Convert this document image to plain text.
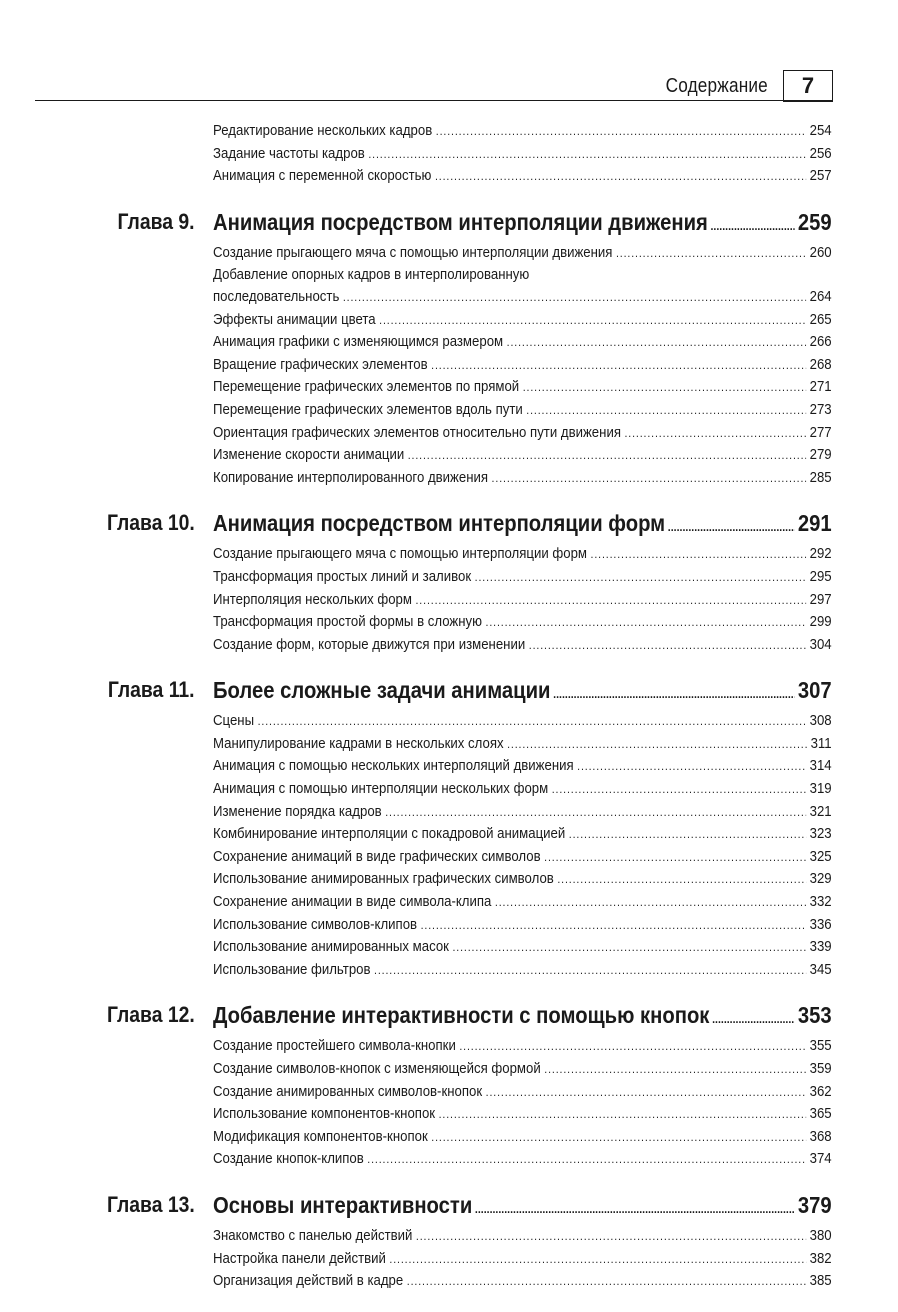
Содержание 7
Редактирование нескольких кадров .....	254
Задание частоты кадров .....	256
Анимация с переменной скоростью .....	257
Глава 9. Анимация посредством интерполяции движения .....	259
Создание прыгающего мяча с помощью интерполяции движения .....	260
Добавление опорных кадров в интерполированную
последовательность .....	264
Эффекты анимации цвета .....	265
Анимация графики с изменяющимся размером .....	266
Вращение графических элементов .....	268
Перемещение графических элементов по прямой .....	271
Перемещение графических элементов вдоль пути .....	273
Ориентация графических элементов относительно пути движения .....	277
Изменение скорости анимации .....	279
Копирование интерполированного движения .....	285
Глава 10. Анимация посредством интерполяции форм .....	291
Создание прыгающего мяча с помощью интерполяции форм .....	292
Трансформация простых линий и заливок .....	295
Интерполяция нескольких форм .....	297
Трансформация простой формы в сложную .....	299
Создание форм, которые движутся при изменении .....	304
Глава 11. Более сложные задачи анимации .....	307
Сцены .....	308
Манипулирование кадрами в нескольких слоях .....	311
Анимация с помощью нескольких интерполяций движения .....	314
Анимация с помощью интерполяции нескольких форм .....	319
Изменение порядка кадров .....	321
Комбинирование интерполяции с покадровой анимацией .....	323
Сохранение анимаций в виде графических символов .....	325
Использование анимированных графических символов .....	329
Сохранение анимации в виде символа-клипа .....	332
Использование символов-клипов .....	336
Использование анимированных масок .....	339
Использование фильтров .....	345
Глава 12. Добавление интерактивности с помощью кнопок .....	353
Создание простейшего символа-кнопки .....	355
Создание символов-кнопок с изменяющейся формой .....	359
Создание анимированных символов-кнопок .....	362
Использование компонентов-кнопок .....	365
Модификация компонентов-кнопок .....	368
Создание кнопок-клипов .....	374
Глава 13. Основы интерактивности .....	379
Знакомство с панелью действий .....	380
Настройка панели действий .....	382
Организация действий в кадре .....	385
